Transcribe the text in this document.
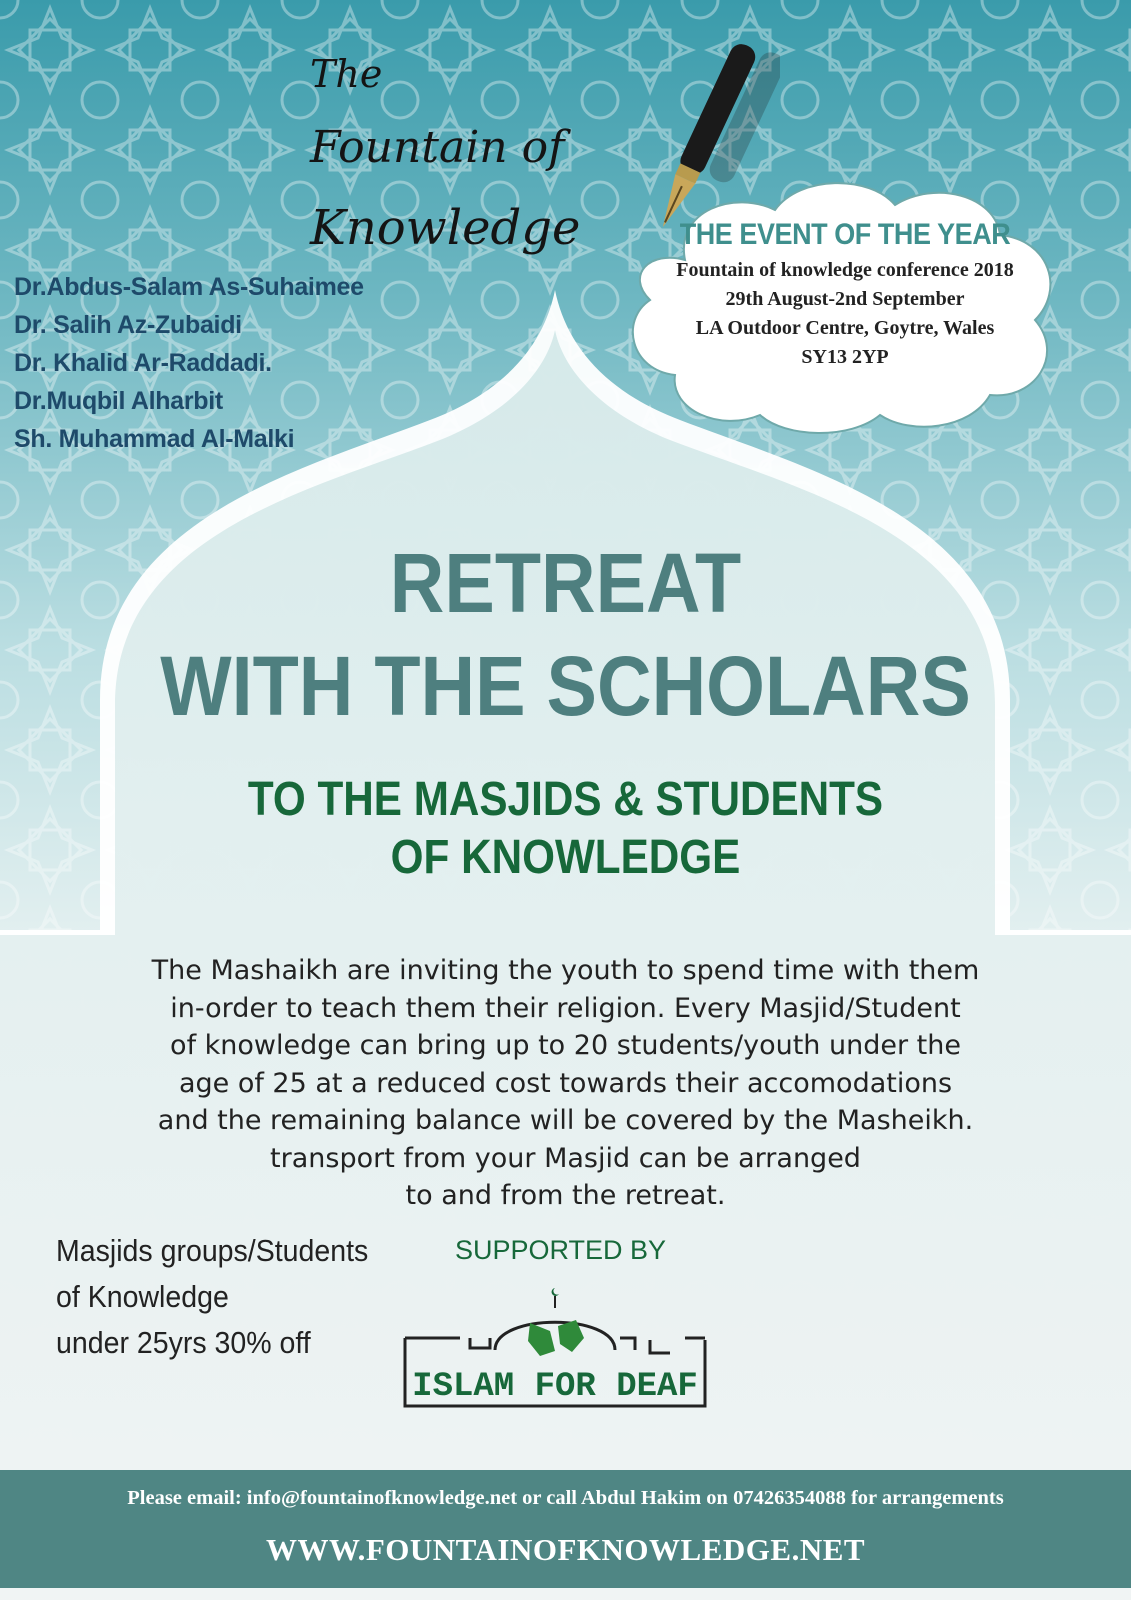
The
Fountain of
Knowledge
Dr.Abdus-Salam As-Suhaimee
Dr. Salih Az-Zubaidi
Dr. Khalid Ar-Raddadi.
Dr.Muqbil Alharbit
Sh. Muhammad Al-Malki
THE EVENT OF THE YEAR
Fountain of knowledge conference 2018
29th August-2nd September
LA Outdoor Centre, Goytre, Wales
SY13 2YP
RETREAT
WITH THE SCHOLARS
TO THE MASJIDS & STUDENTS
OF KNOWLEDGE
The Mashaikh are inviting the youth to spend time with them
in-order to teach them their religion. Every Masjid/Student
of knowledge can bring up to 20 students/youth under the
age of 25 at a reduced cost towards their accomodations
and the remaining balance will be covered by the Masheikh.
transport from your Masjid can be arranged
to and from the retreat.
Masjids groups/Students
of Knowledge
under 25yrs 30% off
SUPPORTED BY
ISLAM FOR DEAF
Please email: info@fountainofknowledge.net or call Abdul Hakim on 07426354088 for arrangements
WWW.FOUNTAINOFKNOWLEDGE.NET
